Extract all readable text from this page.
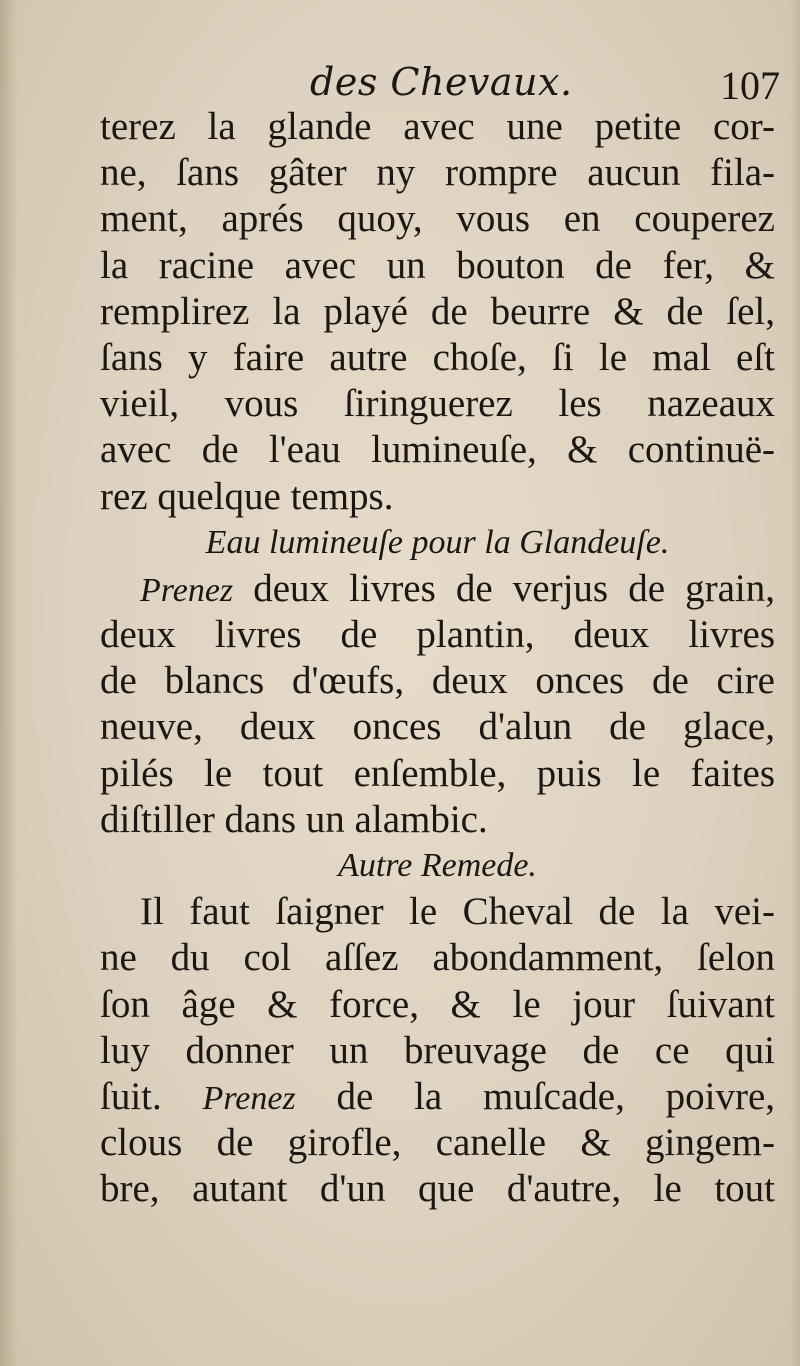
des Chevaux.	107
terez la glande avec une petite cor-
ne, ſans gâter ny rompre aucun fila-
ment, aprés quoy, vous en couperez
la racine avec un bouton de fer, &
remplirez la playé de beurre & de ſel,
ſans y faire autre choſe, ſi le mal eſt
vieil, vous ſiringuerez les nazeaux
avec de l'eau lumineuſe, & continuë-
rez quelque temps.
Eau lumineuſe pour la Glandeuſe.
Prenez deux livres de verjus de grain,
deux livres de plantin, deux livres
de blancs d'œufs, deux onces de cire
neuve, deux onces d'alun de glace,
pilés le tout enſemble, puis le faites
diſtiller dans un alambic.
Autre Remede.
Il faut ſaigner le Cheval de la vei-
ne du col aſſez abondamment, ſelon
ſon âge & force, & le jour ſuivant
luy donner un breuvage de ce qui
ſuit. Prenez de la muſcade, poivre,
clous de girofle, canelle & gingem-
bre, autant d'un que d'autre, le tout
